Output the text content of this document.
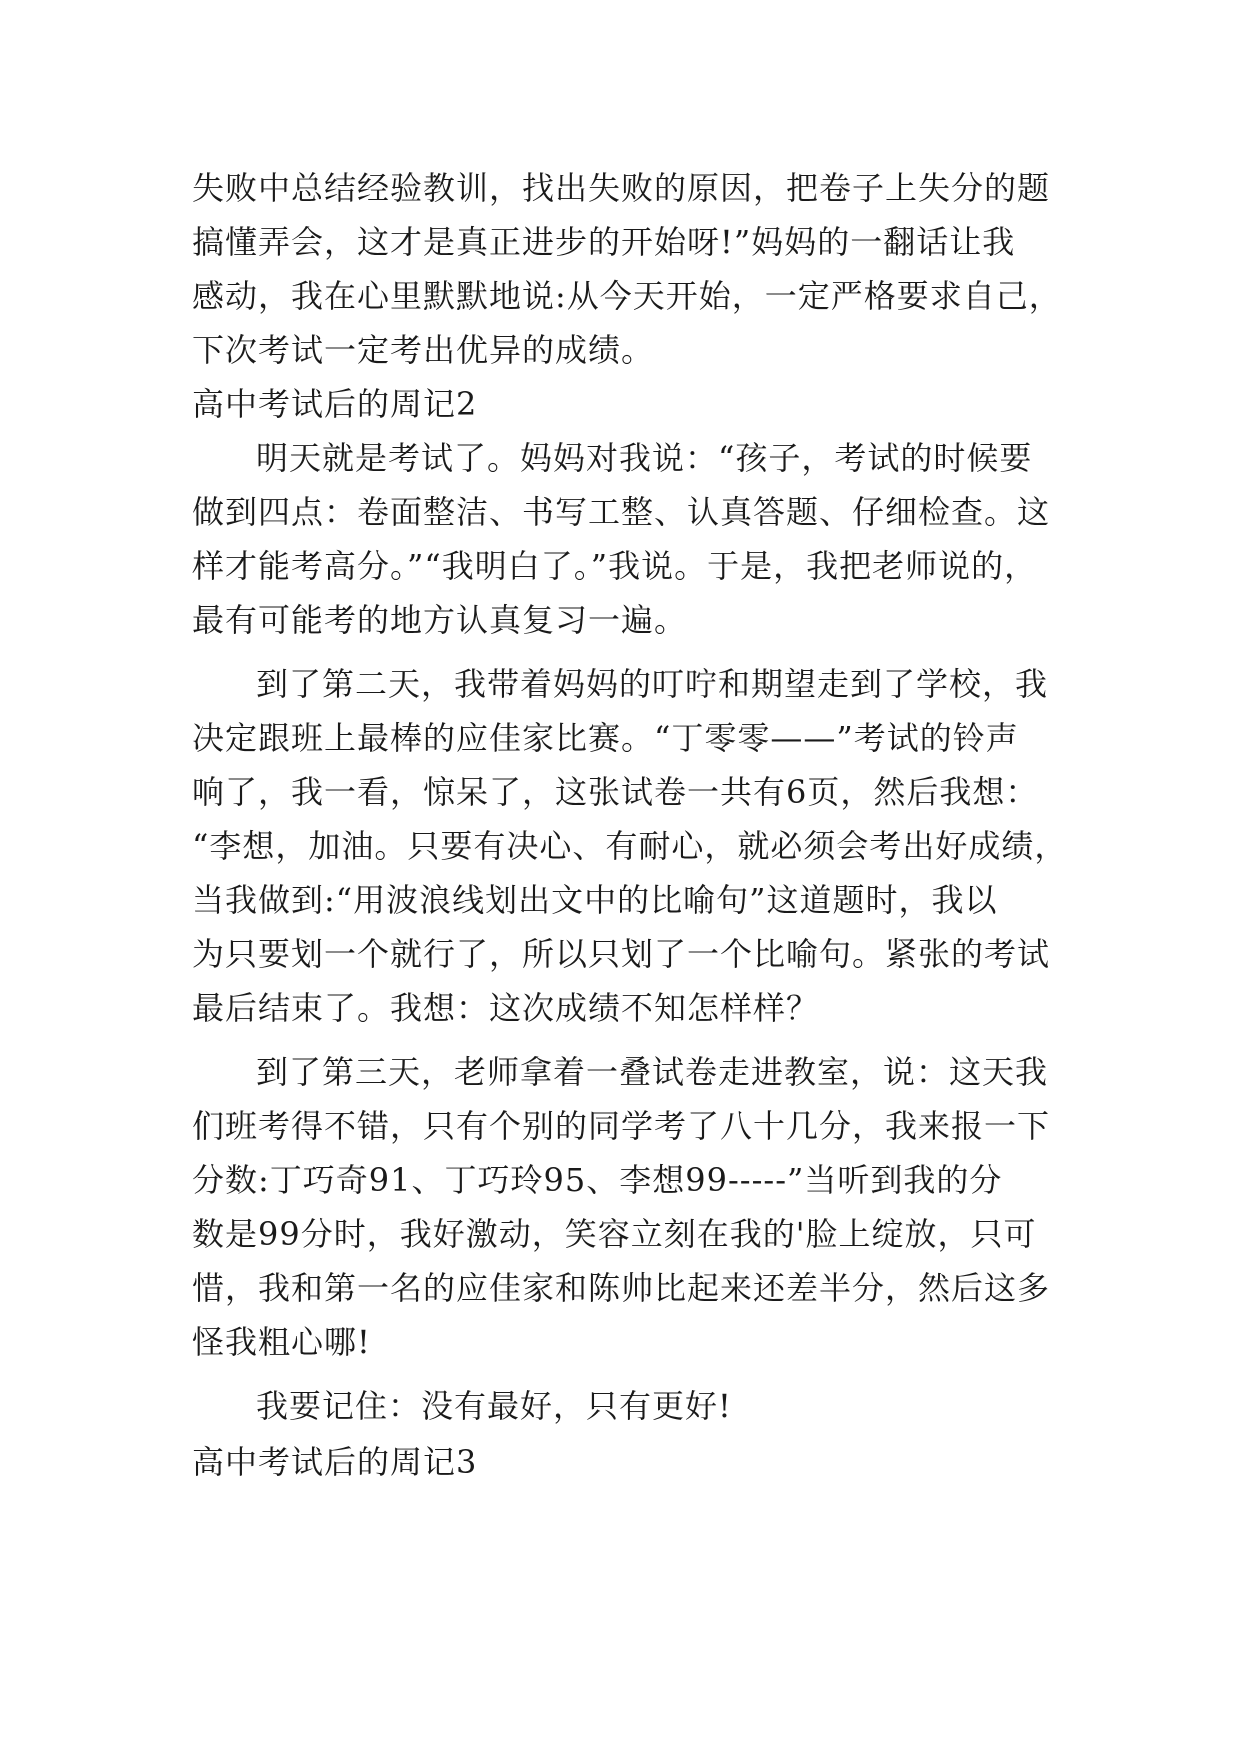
失败中总结经验教训，找出失败的原因，把卷子上失分的题
搞懂弄会，这才是真正进步的开始呀!”妈妈的一翻话让我
感动，我在心里默默地说:从今天开始，一定严格要求自己，
下次考试一定考出优异的成绩。
高中考试后的周记2
明天就是考试了。妈妈对我说：“孩子，考试的时候要
做到四点：卷面整洁、书写工整、认真答题、仔细检查。这
样才能考高分。”“我明白了。”我说。于是，我把老师说的，
最有可能考的地方认真复习一遍。
到了第二天，我带着妈妈的叮咛和期望走到了学校，我
决定跟班上最棒的应佳家比赛。“丁零零——”考试的铃声
响了，我一看，惊呆了，这张试卷一共有6页，然后我想：
“李想，加油。只要有决心、有耐心，就必须会考出好成绩，
当我做到:“用波浪线划出文中的比喻句”这道题时，我以
为只要划一个就行了，所以只划了一个比喻句。紧张的考试
最后结束了。我想：这次成绩不知怎样样？
到了第三天，老师拿着一叠试卷走进教室，说：这天我
们班考得不错，只有个别的同学考了八十几分，我来报一下
分数:丁巧奇91、丁巧玲95、李想99-----”当听到我的分
数是99分时，我好激动，笑容立刻在我的'脸上绽放，只可
惜，我和第一名的应佳家和陈帅比起来还差半分，然后这多
怪我粗心哪!
我要记住：没有最好，只有更好!
高中考试后的周记3
